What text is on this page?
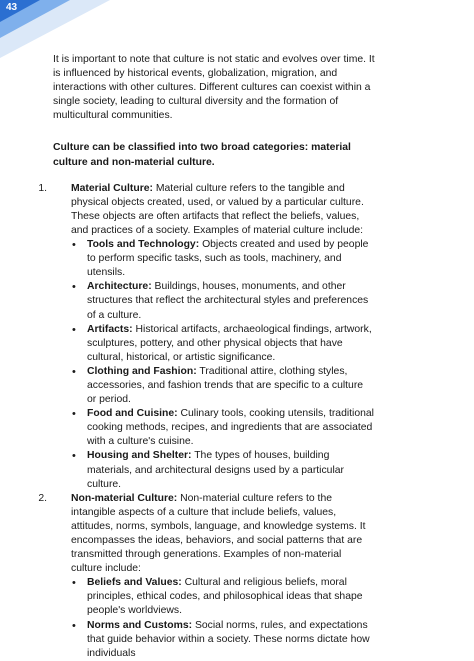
43

It is important to note that culture is not static and evolves over time. It is influenced by historical events, globalization, migration, and interactions with other cultures. Different cultures can coexist within a single society, leading to cultural diversity and the formation of multicultural communities.

Culture can be classified into two broad categories: material culture and non-material culture.

1. Material Culture: Material culture refers to the tangible and physical objects created, used, or valued by a particular culture. These objects are often artifacts that reflect the beliefs, values, and practices of a society. Examples of material culture include:
• Tools and Technology: Objects created and used by people to perform specific tasks, such as tools, machinery, and utensils.
• Architecture: Buildings, houses, monuments, and other structures that reflect the architectural styles and preferences of a culture.
• Artifacts: Historical artifacts, archaeological findings, artwork, sculptures, pottery, and other physical objects that have cultural, historical, or artistic significance.
• Clothing and Fashion: Traditional attire, clothing styles, accessories, and fashion trends that are specific to a culture or period.
• Food and Cuisine: Culinary tools, cooking utensils, traditional cooking methods, recipes, and ingredients that are associated with a culture's cuisine.
• Housing and Shelter: The types of houses, building materials, and architectural designs used by a particular culture.
2. Non-material Culture: Non-material culture refers to the intangible aspects of a culture that include beliefs, values, attitudes, norms, symbols, language, and knowledge systems. It encompasses the ideas, behaviors, and social patterns that are transmitted through generations. Examples of non-material culture include:
• Beliefs and Values: Cultural and religious beliefs, moral principles, ethical codes, and philosophical ideas that shape people's worldviews.
• Norms and Customs: Social norms, rules, and expectations that guide behavior within a society. These norms dictate how individuals
